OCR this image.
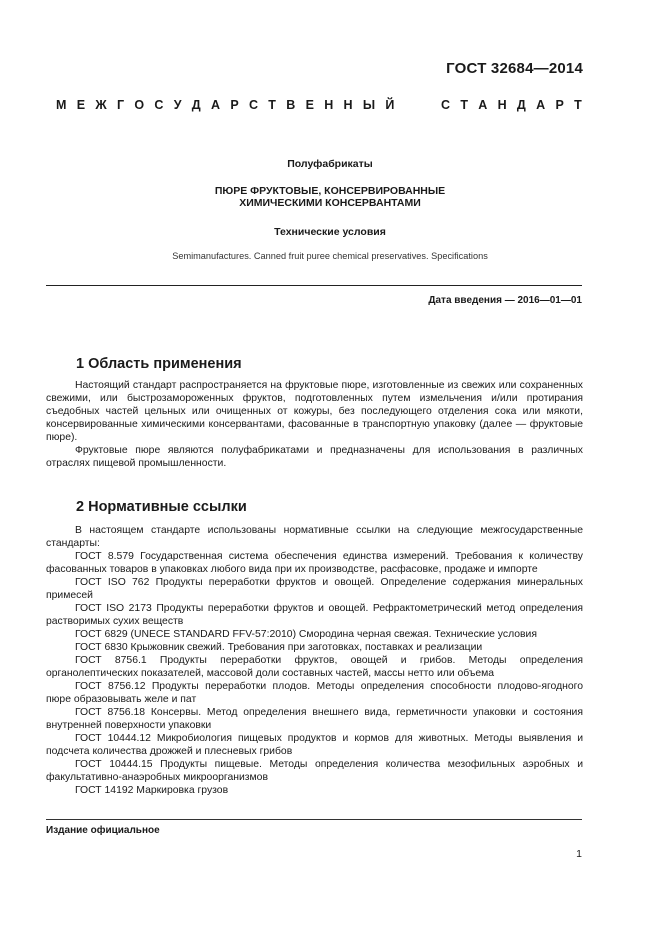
ГОСТ 32684—2014
М Е Ж Г О С У Д А Р С Т В Е Н Н Ы Й	С Т А Н Д А Р Т
Полуфабрикаты
ПЮРЕ ФРУКТОВЫЕ, КОНСЕРВИРОВАННЫЕ
ХИМИЧЕСКИМИ КОНСЕРВАНТАМИ
Технические условия
Semimanufactures. Canned fruit puree chemical preservatives. Specifications
Дата введения — 2016—01—01
1 Область применения

Настоящий стандарт распространяется на фруктовые пюре, изготовленные из свежих или сохраненных свежими, или быстрозамороженных фруктов, подготовленных путем измельчения и/или протирания съедобных частей цельных или очищенных от кожуры, без последующего отделения сока или мякоти, консервированные химическими консервантами, фасованные в транспортную упаковку (далее — фруктовые пюре).

Фруктовые пюре являются полуфабрикатами и предназначены для использования в различных отраслях пищевой промышленности.

2 Нормативные ссылки

В настоящем стандарте использованы нормативные ссылки на следующие межгосударственные стандарты:

ГОСТ 8.579 Государственная система обеспечения единства измерений. Требования к количеству фасованных товаров в упаковках любого вида при их производстве, расфасовке, продаже и импорте

ГОСТ ISO 762 Продукты переработки фруктов и овощей. Определение содержания минеральных примесей

ГОСТ ISO 2173 Продукты переработки фруктов и овощей. Рефрактометрический метод определения растворимых сухих веществ

ГОСТ 6829 (UNECE STANDARD FFV-57:2010) Смородина черная свежая. Технические условия

ГОСТ 6830 Крыжовник свежий. Требования при заготовках, поставках и реализации

ГОСТ 8756.1 Продукты переработки фруктов, овощей и грибов. Методы определения органолептических показателей, массовой доли составных частей, массы нетто или объема

ГОСТ 8756.12 Продукты переработки плодов. Методы определения способности плодово-ягодного пюре образовывать желе и пат

ГОСТ 8756.18 Консервы. Метод определения внешнего вида, герметичности упаковки и состояния внутренней поверхности упаковки

ГОСТ 10444.12 Микробиология пищевых продуктов и кормов для животных. Методы выявления и подсчета количества дрожжей и плесневых грибов

ГОСТ 10444.15 Продукты пищевые. Методы определения количества мезофильных аэробных и факультативно-анаэробных микроорганизмов

ГОСТ 14192 Маркировка грузов

Издание официальное
1
